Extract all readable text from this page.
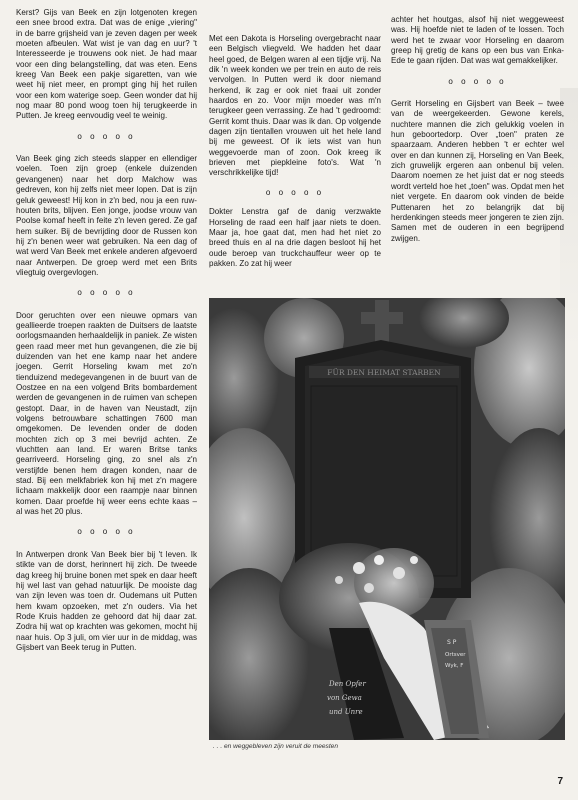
Kerst? Gijs van Beek en zijn lotgenoten kregen een snee brood extra. Dat was de enige „viering" in de barre grijsheid van je zeven dagen per week moeten afbeulen. Wat wist je van dag en uur? 't Interesseerde je trouwens ook niet. Je had maar voor een ding belangstelling, dat was eten. Eens kreeg Van Beek een pakje sigaretten, van wie weet hij niet meer, en prompt ging hij het ruilen voor een kom waterige soep. Geen wonder dat hij nog maar 80 pond woog toen hij terugkeerde in Putten. Je kreeg eenvoudig veel te weinig.

o o o o o

Van Beek ging zich steeds slapper en ellendiger voelen. Toen zijn groep (enkele duizenden gevangenen) naar het dorp Malchow was gedreven, kon hij zelfs niet meer lopen. Dat is zijn geluk geweest! Hij kon in z'n bed, nou ja een ruw-houten brits, blijven. Een jonge, joodse vrouw van Poolse komaf heeft in feite z'n leven gered. Ze gaf hem suiker. Bij de bevrijding door de Russen kon hij z'n benen weer wat gebruiken. Na een dag of wat werd Van Beek met enkele anderen afgevoerd naar Antwerpen. De groep werd met een Brits vliegtuig overgevlogen.

o o o o o

Door geruchten over een nieuwe opmars van geallieerde troepen raakten de Duitsers de laatste oorlogsmaanden herhaaldelijk in paniek. Ze wisten geen raad meer met hun gevangenen, die zie bij duizenden van het ene kamp naar het andere joegen. Gerrit Horseling kwam met zo'n tienduizend medegevangenen in de buurt van de Oostzee en na een volgend Brits bombardement werden de gevangenen in de ruimen van schepen gestopt. Daar, in de haven van Neustadt, zijn volgens betrouwbare schattingen 7600 man omgekomen. De levenden onder de doden mochten zich op 3 mei bevrijd achten. Ze vluchtten aan land. Er waren Britse tanks gearriveerd. Horseling ging, zo snel als z'n verstijfde benen hem dragen konden, naar de stad. Bij een melkfabriek kon hij met z'n magere lichaam makkelijk door een raampje naar binnen komen. Daar proefde hij weer eens echte kaas – al was het 20 plus.

o o o o o

In Antwerpen dronk Van Beek bier bij 't leven. Ik stikte van de dorst, herinnert hij zich. De tweede dag kreeg hij bruine bonen met spek en daar heeft hij wel last van gehad natuurlijk. De mooiste dag van zijn leven was toen dr. Oudemans uit Putten hem kwam opzoeken, met z'n ouders. Via het Rode Kruis hadden ze gehoord dat hij daar zat. Zodra hij wat op krachten was gekomen, mocht hij naar huis. Op 3 juli, om vier uur in de middag, was Gijsbert van Beek terug in Putten.

Met een Dakota is Horseling overgebracht naar een Belgisch vliegveld. We hadden het daar heel goed, de Belgen waren al een tijdje vrij. Na dik 'n week konden we per trein en auto de reis vervolgen. In Putten werd ik door niemand herkend, ik zag er ook niet fraai uit zonder haardos en zo. Voor mijn moeder was m'n terugkeer geen verrassing. Ze had 't gedroomd: Gerrit komt thuis. Daar was ik dan. Op volgende dagen zijn tientallen vrouwen uit het hele land bij me geweest. Of ik iets wist van hun weggevoerde man of zoon. Ook kreeg ik brieven met piepkleine foto's. Wat 'n verschrikkelijke tijd!

o o o o o

Dokter Lenstra gaf de danig verzwakte Horseling de raad een half jaar niets te doen. Maar ja, hoe gaat dat, men had het niet zo breed thuis en al na drie dagen besloot hij het oude beroep van truckchauffeur weer op te pakken. Zo zat hij weer

achter het houtgas, alsof hij niet weggeweest was. Hij hoefde niet te laden of te lossen. Toch werd het te zwaar voor Horseling en daarom greep hij gretig de kans op een bus van Enka-Ede te gaan rijden. Dat was wat gemakkelijker.

o o o o o

Gerrit Horseling en Gijsbert van Beek – twee van de weergekeerden. Gewone kerels, nuchtere mannen die zich gelukkig voelen in hun geboortedorp. Over „toen" praten ze spaarzaam. Anderen hebben 't er echter wel over en dan kunnen zij, Horseling en Van Beek, zich gruwelijk ergeren aan onbenul bij velen. Daarom noemen ze het juist dat er nog steeds wordt verteld hoe het „toen" was. Opdat men het niet vergete. En daarom ook vinden de beide Puttenaren het zo belangrijk dat bij herdenkingen steeds meer jongeren te zien zijn. Samen met de ouderen in een begrijpend zwijgen.

FÜR DEN HEIMAT STARBEN
Den Opfer
von Gewa
und Unre
S P
Ortsver
Wyk, F
. . . en weggebleven zijn veruit de meesten
7
